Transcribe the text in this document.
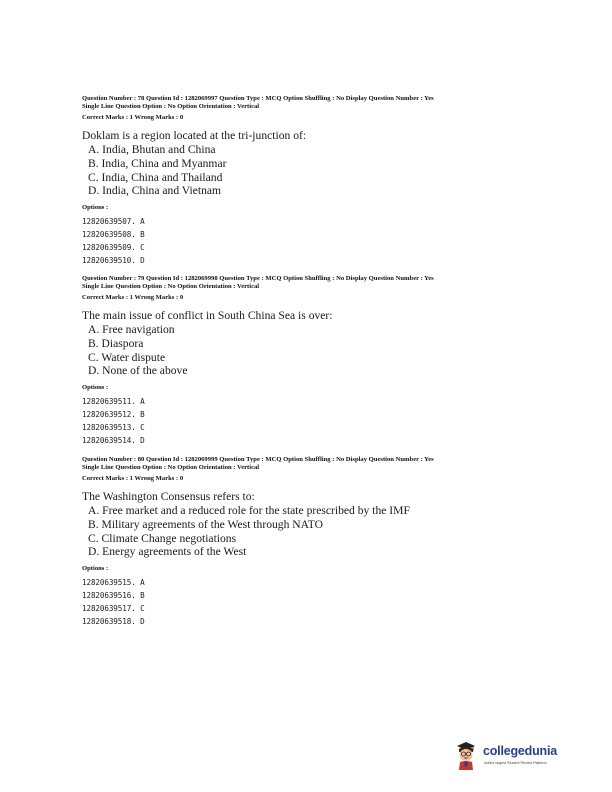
Question Number : 78 Question Id : 1282069997 Question Type : MCQ Option Shuffling : No Display Question Number : Yes
Single Line Question Option : No Option Orientation : Vertical
Correct Marks : 1 Wrong Marks : 0
Doklam is a region located at the tri-junction of:
A. India, Bhutan and China
B. India, China and Myanmar
C. India, China and Thailand
D. India, China and Vietnam
Options :
12820639507. A
12820639508. B
12820639509. C
12820639510. D
Question Number : 79 Question Id : 1282069998 Question Type : MCQ Option Shuffling : No Display Question Number : Yes
Single Line Question Option : No Option Orientation : Vertical
Correct Marks : 1 Wrong Marks : 0
The main issue of conflict in South China Sea is over:
A. Free navigation
B. Diaspora
C. Water dispute
D. None of the above
Options :
12820639511. A
12820639512. B
12820639513. C
12820639514. D
Question Number : 80 Question Id : 1282069999 Question Type : MCQ Option Shuffling : No Display Question Number : Yes
Single Line Question Option : No Option Orientation : Vertical
Correct Marks : 1 Wrong Marks : 0
The Washington Consensus refers to:
A. Free market and a reduced role for the state prescribed by the IMF
B. Military agreements of the West through NATO
C. Climate Change negotiations
D. Energy agreements of the West
Options :
12820639515. A
12820639516. B
12820639517. C
12820639518. D
collegedunia
India's largest Student Review Platform
